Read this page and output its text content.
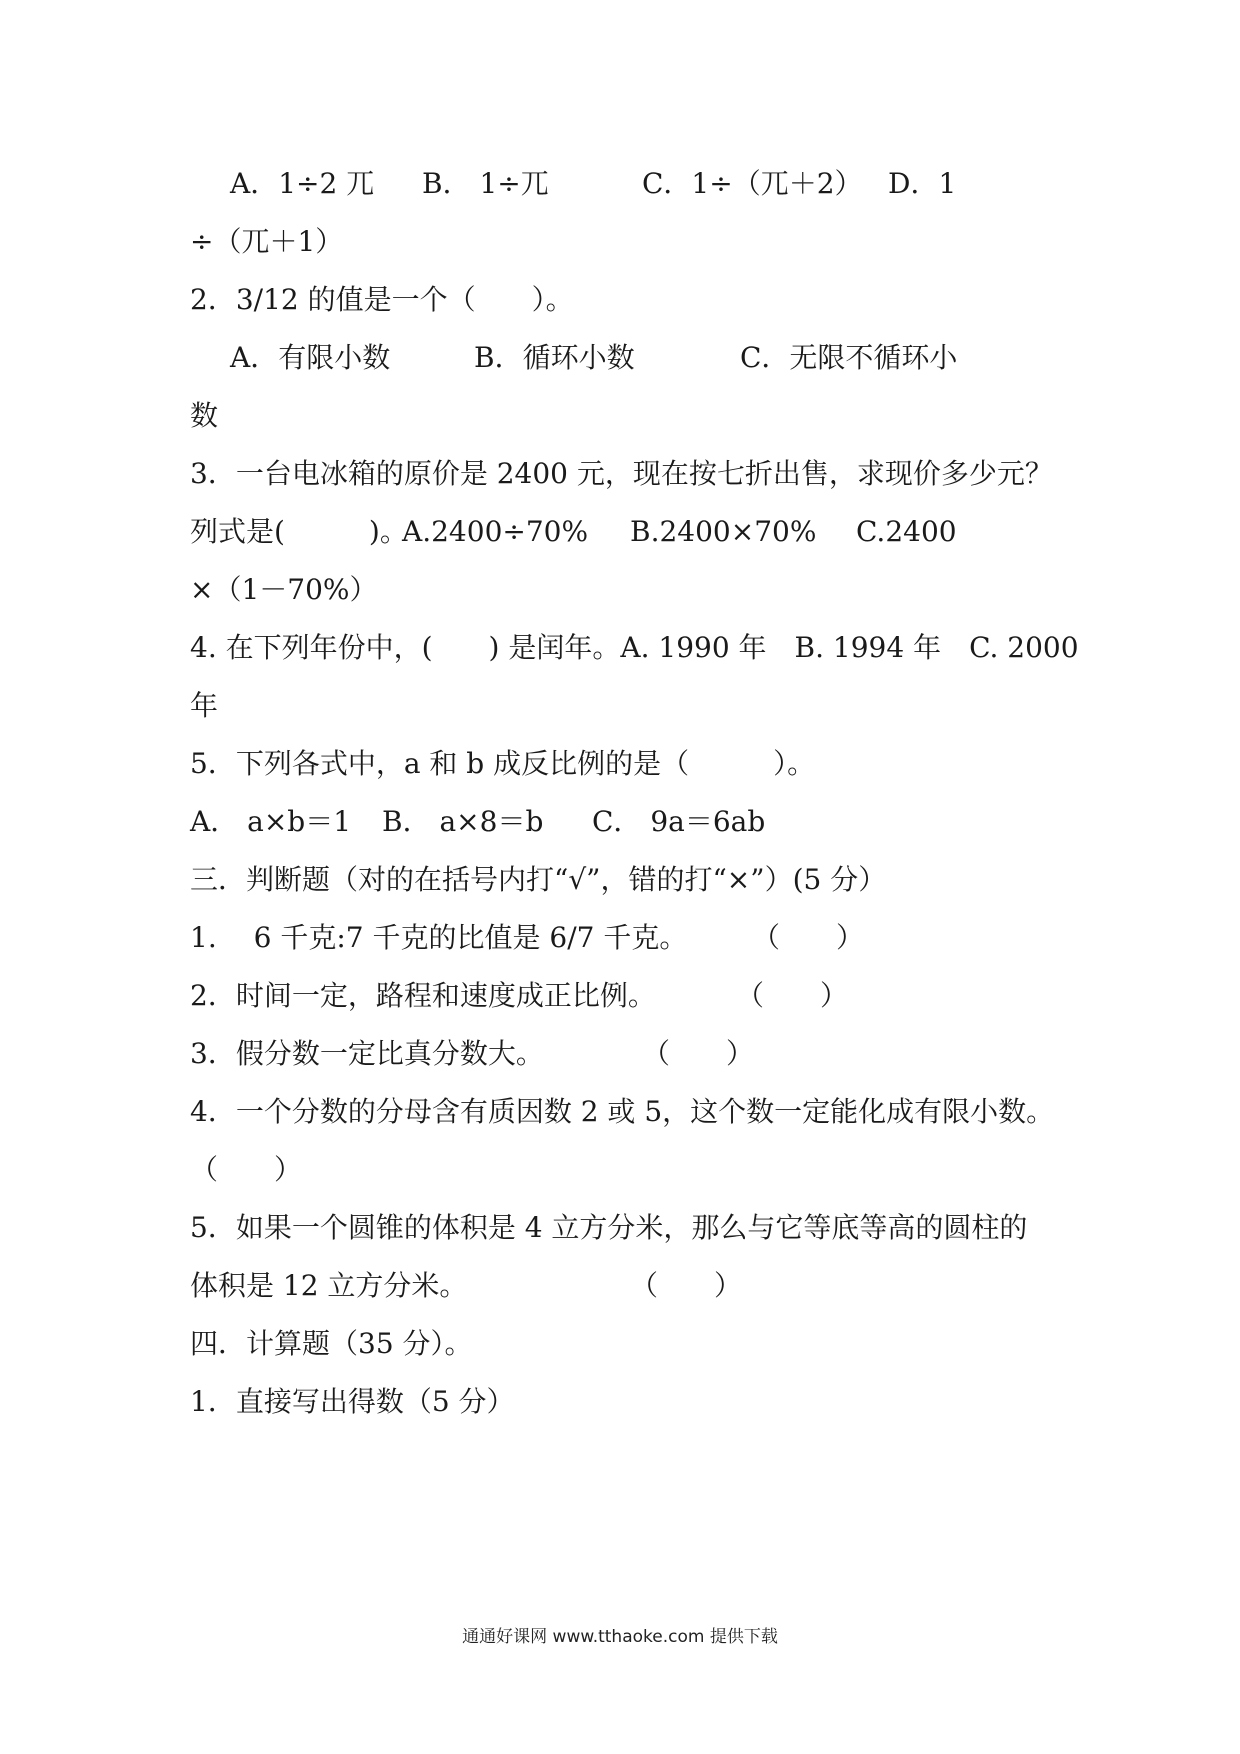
A．1÷2 兀 B． 1÷兀	C．1÷（兀＋2） D．1
÷（兀＋1）
2．3/12 的值是一个（　　）。
A．有限小数	B．循环小数	C．无限不循环小
数
3．一台电冰箱的原价是 2400 元，现在按七折出售，求现价多少元？
列式是(　　　)。
A.2400÷70% B.2400×70% C.2400
×（1－70%）
4. 在下列年份中，(　　) 是闰年。A. 1990 年　B. 1994 年　C. 2000
年
5．下列各式中，a 和 b 成反比例的是（　　　）。
A． a×b＝1 B． a×8＝b C． 9a＝6ab
三．判断题（对的在括号内打“√”，错的打“×”）(5 分）
1.　 6 千克:7 千克的比值是 6/7 千克。 （　　）
2．时间一定，路程和速度成正比例。	（　　）
3．假分数一定比真分数大。	（　　）
4．一个分数的分母含有质因数 2 或 5，这个数一定能化成有限小数。
（　　）
5．如果一个圆锥的体积是 4 立方分米，那么与它等底等高的圆柱的
体积是 12 立方分米。	（　　）
四．计算题（35 分）。
1．直接写出得数（5 分）
通通好课网 www.tthaoke.com 提供下载
